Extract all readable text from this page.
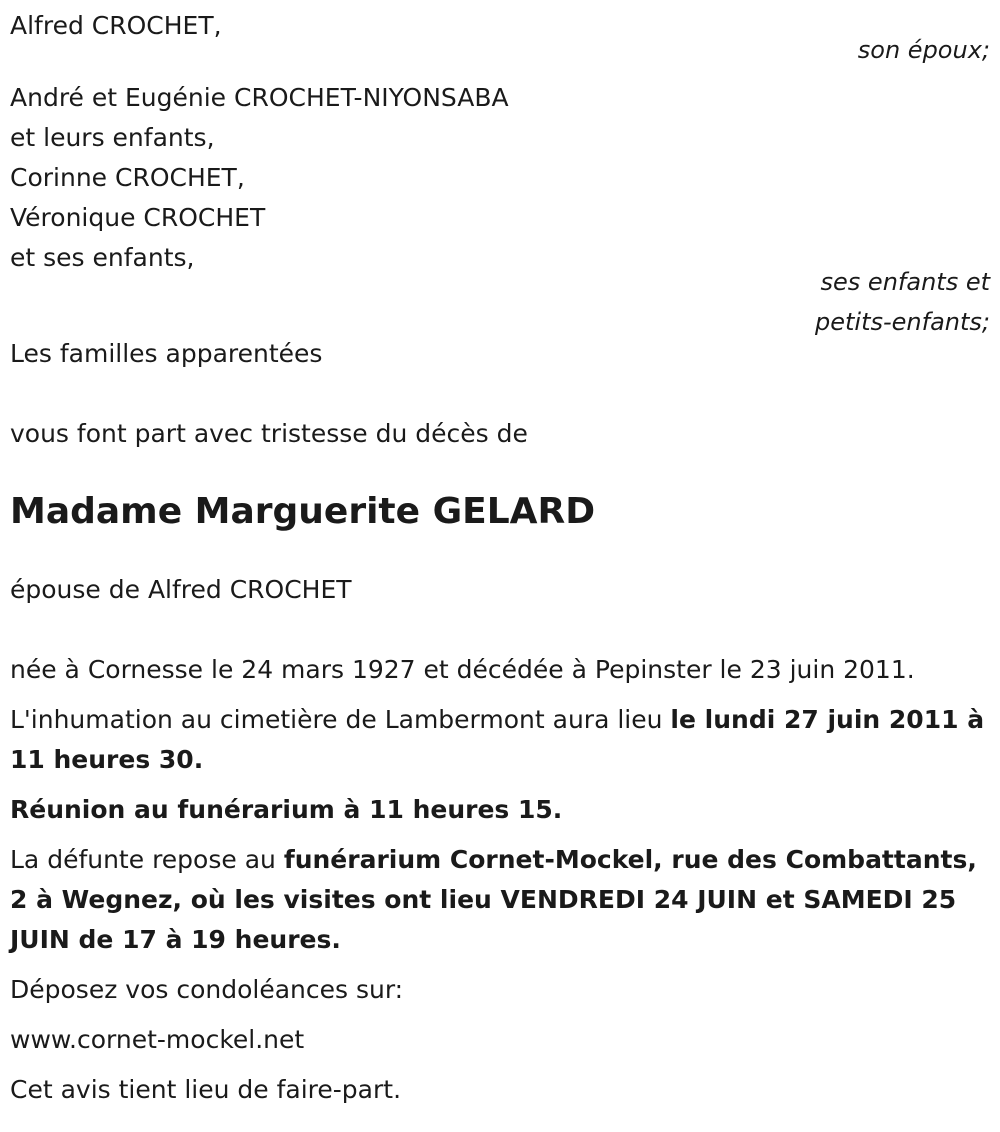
Alfred CROCHET,

son époux;

André et Eugénie CROCHET-NIYONSABA

et leurs enfants,

Corinne CROCHET,

Véronique CROCHET

et ses enfants,

ses enfants et

petits-enfants;

Les familles apparentées

vous font part avec tristesse du décès de

Madame Marguerite GELARD

épouse de Alfred CROCHET

née à Cornesse le 24 mars 1927 et décédée à Pepinster le 23 juin 2011.

L'inhumation au cimetière de Lambermont aura lieu le lundi 27 juin 2011 à 11 heures 30.

Réunion au funérarium à 11 heures 15.

La défunte repose au funérarium Cornet-Mockel, rue des Combattants, 2 à Wegnez, où les visites ont lieu VENDREDI 24 JUIN et SAMEDI 25 JUIN de 17 à 19 heures.

Déposez vos condoléances sur:

www.cornet-mockel.net

Cet avis tient lieu de faire-part.
